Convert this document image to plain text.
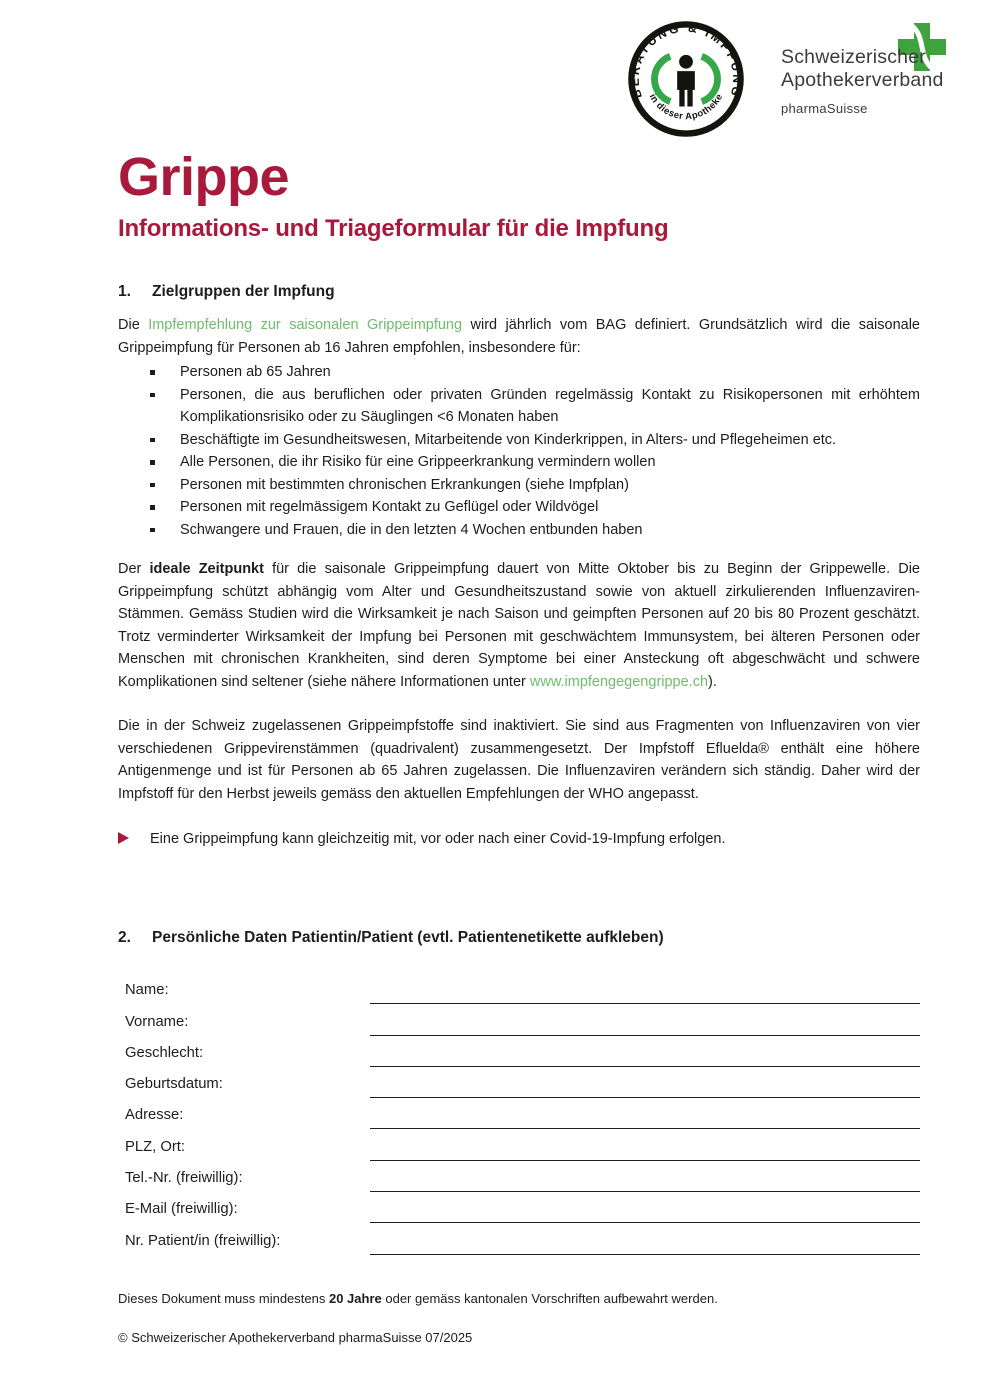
BERATUNG & IMPFUNG
in dieser Apotheke
Schweizerischer
Apothekerverband
pharmaSuisse
Grippe
Informations- und Triageformular für die Impfung
1.	Zielgruppen der Impfung

Die Impfempfehlung zur saisonalen Grippeimpfung wird jährlich vom BAG definiert. Grundsätzlich wird die saisonale Grippeimpfung für Personen ab 16 Jahren empfohlen, insbesondere für:

Personen ab 65 Jahren
Personen, die aus beruflichen oder privaten Gründen regelmässig Kontakt zu Risikopersonen mit erhöhtem Komplikationsrisiko oder zu Säuglingen <6 Monaten haben
Beschäftigte im Gesundheitswesen, Mitarbeitende von Kinderkrippen, in Alters- und Pflegeheimen etc.
Alle Personen, die ihr Risiko für eine Grippeerkrankung vermindern wollen
Personen mit bestimmten chronischen Erkrankungen (siehe Impfplan)
Personen mit regelmässigem Kontakt zu Geflügel oder Wildvögel
Schwangere und Frauen, die in den letzten 4 Wochen entbunden haben

Der ideale Zeitpunkt für die saisonale Grippeimpfung dauert von Mitte Oktober bis zu Beginn der Grippewelle. Die Grippeimpfung schützt abhängig vom Alter und Gesundheitszustand sowie von aktuell zirkulierenden Influenzaviren-Stämmen. Gemäss Studien wird die Wirksamkeit je nach Saison und geimpften Personen auf 20 bis 80 Prozent geschätzt. Trotz verminderter Wirksamkeit der Impfung bei Personen mit geschwächtem Immunsystem, bei älteren Personen oder Menschen mit chronischen Krankheiten, sind deren Symptome bei einer Ansteckung oft abgeschwächt und schwere Komplikationen sind seltener (siehe nähere Informationen unter www.impfengegengrippe.ch).

Die in der Schweiz zugelassenen Grippeimpfstoffe sind inaktiviert. Sie sind aus Fragmenten von Influenzaviren von vier verschiedenen Grippevirenstämmen (quadrivalent) zusammengesetzt. Der Impfstoff Efluelda® enthält eine höhere Antigenmenge und ist für Personen ab 65 Jahren zugelassen. Die Influenzaviren verändern sich ständig. Daher wird der Impfstoff für den Herbst jeweils gemäss den aktuellen Empfehlungen der WHO angepasst.

Eine Grippeimpfung kann gleichzeitig mit, vor oder nach einer Covid-19-Impfung erfolgen.
2.	Persönliche Daten Patientin/Patient (evtl. Patientenetikette aufkleben)
Name:
Vorname:
Geschlecht:
Geburtsdatum:
Adresse:
PLZ, Ort:
Tel.-Nr. (freiwillig):
E-Mail (freiwillig):
Nr. Patient/in (freiwillig):
Dieses Dokument muss mindestens 20 Jahre oder gemäss kantonalen Vorschriften aufbewahrt werden.
© Schweizerischer Apothekerverband pharmaSuisse 07/2025
